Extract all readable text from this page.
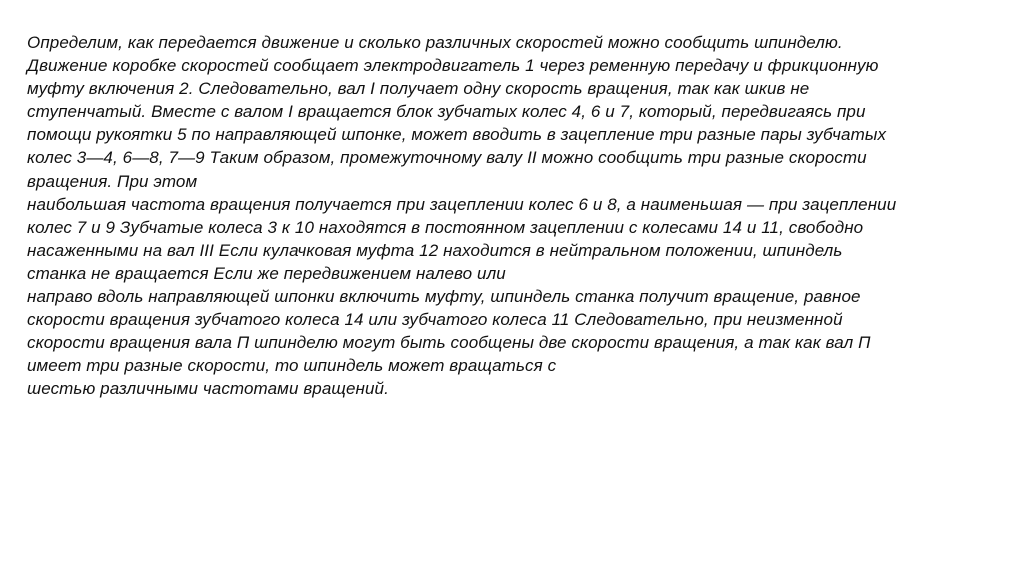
Определим, как передается движение и сколько различных скоростей можно сообщить шпинделю.
Движение коробке скоростей сообщает электродвигатель 1 через ременную передачу и фрикционную
муфту включения 2. Следовательно, вал I получает одну скорость вращения, так как шкив не
ступенчатый. Вместе с валом I вращается блок зубчатых колес 4, 6 и 7, который, передвигаясь при
помощи рукоятки 5 по направляющей шпонке, может вводить в зацепление три разные пары зубчатых
колес 3—4, 6—8, 7—9 Таким образом, промежуточному валу II можно сообщить три разные скорости
вращения. При этом
наибольшая частота вращения получается при зацеплении колес 6 и 8, а наименьшая — при зацеплении
колес 7 и 9 Зубчатые колеса 3 к 10 находятся в постоянном зацеплении с колесами 14 и 11, свободно
насаженными на вал III Если кулачковая муфта 12 находится в нейтральном положении, шпиндель
станка не вращается Если же передвижением налево или
направо вдоль направляющей шпонки включить муфту, шпиндель станка получит вращение, равное
скорости вращения зубчатого колеса 14 или зубчатого колеса 11 Следовательно, при неизменной
скорости вращения вала П шпинделю могут быть сообщены две скорости вращения, а так как вал П
имеет три разные скорости, то шпиндель может вращаться с
шестью различными частотами вращений.
